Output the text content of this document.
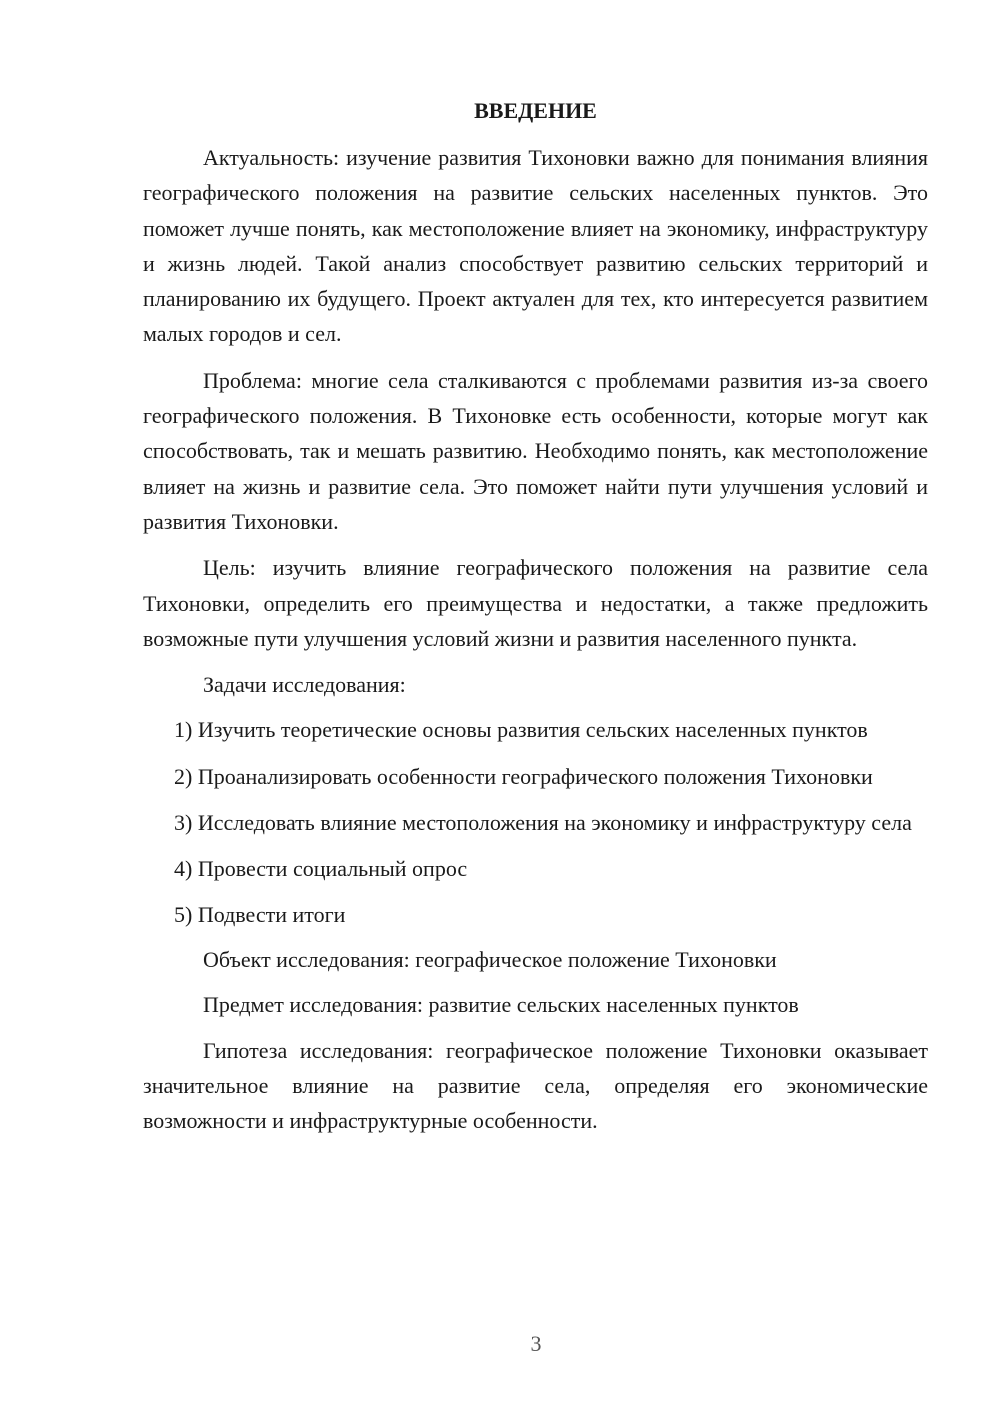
ВВЕДЕНИЕ

Актуальность: изучение развития Тихоновки важно для понимания влияния географического положения на развитие сельских населенных пунктов. Это поможет лучше понять, как местоположение влияет на экономику, инфраструктуру и жизнь людей. Такой анализ способствует развитию сельских территорий и планированию их будущего. Проект актуален для тех, кто интересуется развитием малых городов и сел.

Проблема: многие села сталкиваются с проблемами развития из-за своего географического положения. В Тихоновке есть особенности, которые могут как способствовать, так и мешать развитию. Необходимо понять, как местоположение влияет на жизнь и развитие села. Это поможет найти пути улучшения условий и развития Тихоновки.

Цель: изучить влияние географического положения на развитие села Тихоновки, определить его преимущества и недостатки, а также предложить возможные пути улучшения условий жизни и развития населенного пункта.

Задачи исследования:

1) Изучить теоретические основы развития сельских населенных пунктов

2) Проанализировать особенности географического положения Тихоновки

3) Исследовать влияние местоположения на экономику и инфраструктуру села

4) Провести социальный опрос

5) Подвести итоги

Объект исследования: географическое положение Тихоновки

Предмет исследования: развитие сельских населенных пунктов

Гипотеза исследования: географическое положение Тихоновки оказывает значительное влияние на развитие села, определяя его экономические возможности и инфраструктурные особенности.

3
